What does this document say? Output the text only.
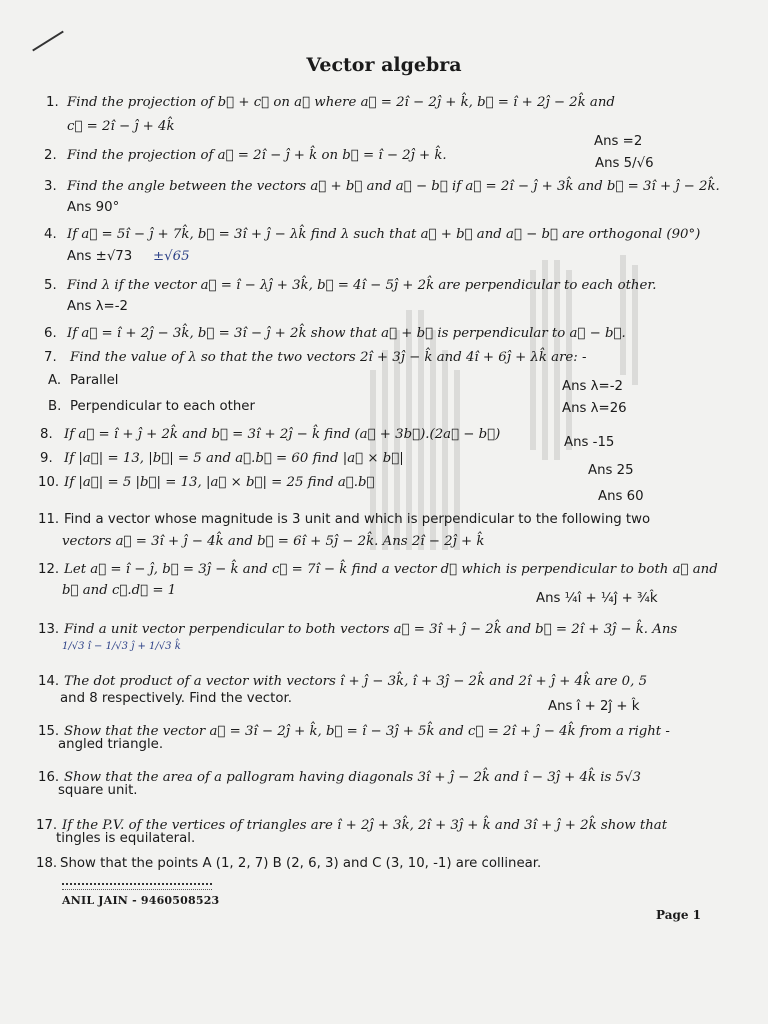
Vector algebra
1. Find the projection of b⃗ + c⃗ on a⃗ where a⃗ = 2î − 2ĵ + k̂, b⃗ = î + 2ĵ − 2k̂ and
c⃗ = 2î − ĵ + 4k̂
Ans =2
2. Find the projection of a⃗ = 2î − ĵ + k̂ on b⃗ = î − 2ĵ + k̂.
Ans 5/√6
3. Find the angle between the vectors a⃗ + b⃗ and a⃗ − b⃗ if a⃗ = 2î − ĵ + 3k̂ and b⃗ = 3î + ĵ − 2k̂.
Ans 90°
4. If a⃗ = 5î − ĵ + 7k̂, b⃗ = 3î + ĵ − λk̂ find λ such that a⃗ + b⃗ and a⃗ − b⃗ are orthogonal (90°)
Ans ±√73 ±√65
5. Find λ if the vector a⃗ = î − λĵ + 3k̂, b⃗ = 4î − 5ĵ + 2k̂ are perpendicular to each other.
Ans λ=-2
6. If a⃗ = î + 2ĵ − 3k̂, b⃗ = 3î − ĵ + 2k̂ show that a⃗ + b⃗ is perpendicular to a⃗ − b⃗.
7. Find the value of λ so that the two vectors 2î + 3ĵ − k̂ and 4î + 6ĵ + λk̂ are: -
A. Parallel	Ans λ=-2
B. Perpendicular to each other	Ans λ=26
8. If a⃗ = î + ĵ + 2k̂ and b⃗ = 3î + 2ĵ − k̂ find (a⃗ + 3b⃗).(2a⃗ − b⃗)
Ans -15
9. If |a⃗| = 13, |b⃗| = 5 and a⃗.b⃗ = 60 find |a⃗ × b⃗|
Ans 25
10. If |a⃗| = 5 |b⃗| = 13, |a⃗ × b⃗| = 25 find a⃗.b⃗
Ans 60
11. Find a vector whose magnitude is 3 unit and which is perpendicular to the following two
vectors a⃗ = 3î + ĵ − 4k̂ and b⃗ = 6î + 5ĵ − 2k̂. Ans 2î − 2ĵ + k̂
12. Let a⃗ = î − ĵ, b⃗ = 3ĵ − k̂ and c⃗ = 7î − k̂ find a vector d⃗ which is perpendicular to both a⃗ and
b⃗ and c⃗.d⃗ = 1
Ans ¼î + ¼ĵ + ¾k̂
13. Find a unit vector perpendicular to both vectors a⃗ = 3î + ĵ − 2k̂ and b⃗ = 2î + 3ĵ − k̂. Ans
1/√3 î − 1/√3 ĵ + 1/√3 k̂
14. The dot product of a vector with vectors î + ĵ − 3k̂, î + 3ĵ − 2k̂ and 2î + ĵ + 4k̂ are 0, 5
and 8 respectively. Find the vector.
Ans î + 2ĵ + k̂
15. Show that the vector a⃗ = 3î − 2ĵ + k̂, b⃗ = î − 3ĵ + 5k̂ and c⃗ = 2î + ĵ − 4k̂ from a right -
angled triangle.
16. Show that the area of a pallogram having diagonals 3î + ĵ − 2k̂ and î − 3ĵ + 4k̂ is 5√3
square unit.
17. If the P.V. of the vertices of triangles are î + 2ĵ + 3k̂, 2î + 3ĵ + k̂ and 3î + ĵ + 2k̂ show that
tingles is equilateral.
18. Show that the points A (1, 2, 7) B (2, 6, 3) and C (3, 10, -1) are collinear.
ANIL JAIN - 9460508523
Page 1
